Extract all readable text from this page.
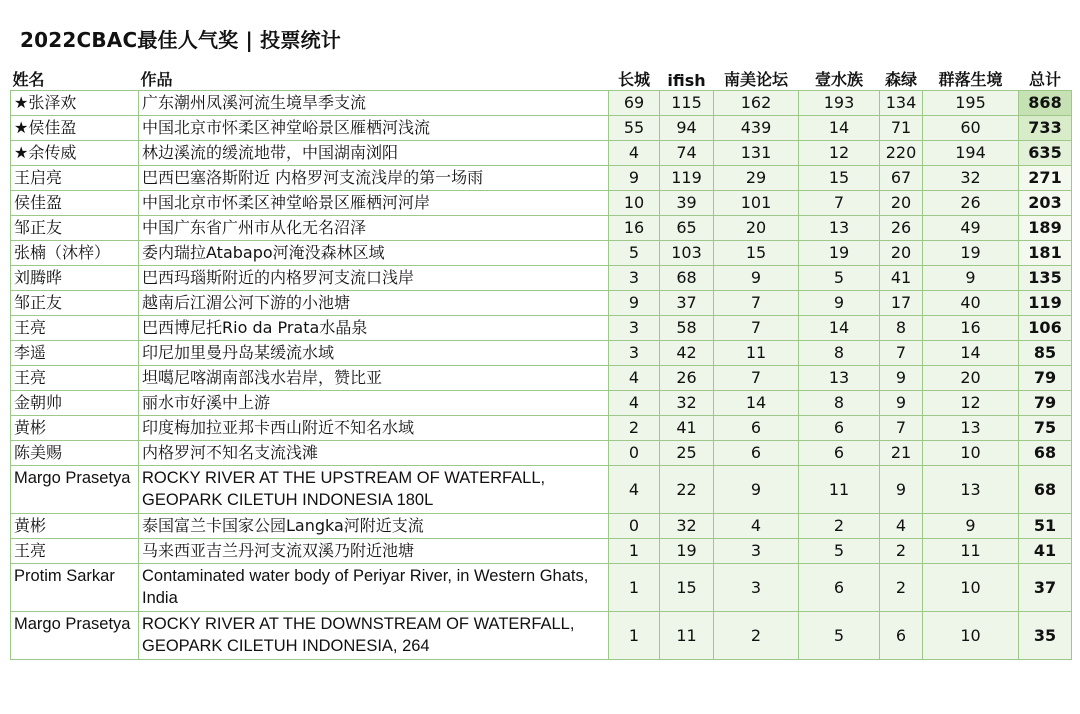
2022CBAC最佳人气奖 | 投票统计
姓名	作品	长城	ifish	南美论坛	壹水族	森绿	群落生境	总计
★张泽欢	广东潮州凤溪河流生境旱季支流	69	115	162	193	134	195	868
★侯佳盈	中国北京市怀柔区神堂峪景区雁栖河浅流	55	94	439	14	71	60	733
★余传威	林边溪流的缓流地带，中国湖南浏阳	4	74	131	12	220	194	635
王启亮	巴西巴塞洛斯附近 内格罗河支流浅岸的第一场雨	9	119	29	15	67	32	271
侯佳盈	中国北京市怀柔区神堂峪景区雁栖河河岸	10	39	101	7	20	26	203
邹正友	中国广东省广州市从化无名沼泽	16	65	20	13	26	49	189
张楠（沐梓）	委内瑞拉Atabapo河淹没森林区域	5	103	15	19	20	19	181
刘腾晔	巴西玛瑙斯附近的内格罗河支流口浅岸	3	68	9	5	41	9	135
邹正友	越南后江湄公河下游的小池塘	9	37	7	9	17	40	119
王亮	巴西博尼托Rio da Prata水晶泉	3	58	7	14	8	16	106
李遥	印尼加里曼丹岛某缓流水域	3	42	11	8	7	14	85
王亮	坦噶尼喀湖南部浅水岩岸，赞比亚	4	26	7	13	9	20	79
金朝帅	丽水市好溪中上游	4	32	14	8	9	12	79
黄彬	印度梅加拉亚邦卡西山附近不知名水域	2	41	6	6	7	13	75
陈美赐	内格罗河不知名支流浅滩	0	25	6	6	21	10	68
Margo Prasetya	ROCKY RIVER AT THE UPSTREAM OF WATERFALL, GEOPARK CILETUH INDONESIA 180L	4	22	9	11	9	13	68
黄彬	泰国富兰卡国家公园Langka河附近支流	0	32	4	2	4	9	51
王亮	马来西亚吉兰丹河支流双溪乃附近池塘	1	19	3	5	2	11	41
Protim Sarkar	Contaminated water body of Periyar River, in Western Ghats, India	1	15	3	6	2	10	37
Margo Prasetya	ROCKY RIVER AT THE DOWNSTREAM OF WATERFALL, GEOPARK CILETUH INDONESIA, 264	1	11	2	5	6	10	35
